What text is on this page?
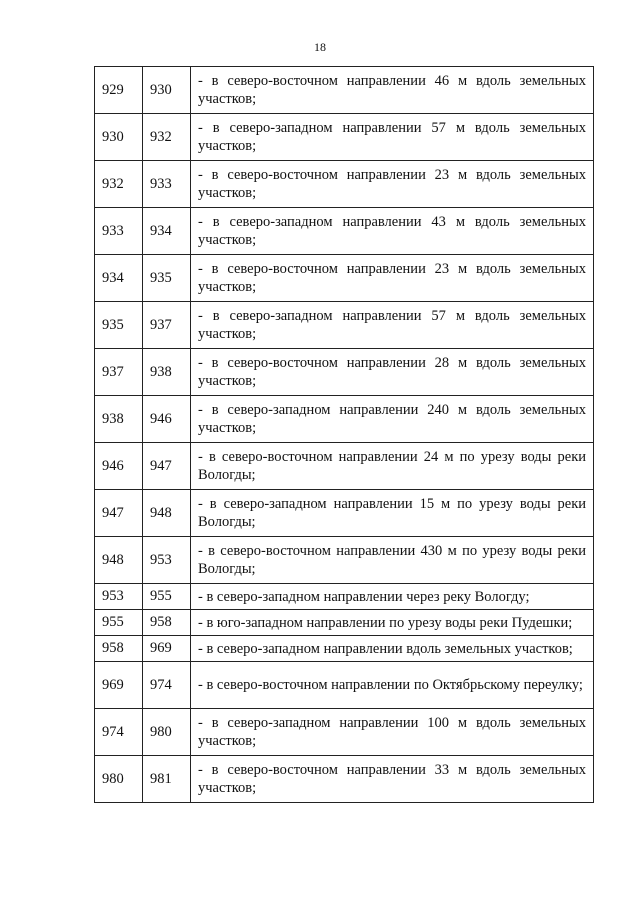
18
929	930	- в северо-восточном направлении 46 м вдоль земельных участков;

930	932	- в северо-западном направлении 57 м вдоль земельных участков;

932	933	- в северо-восточном направлении 23 м вдоль земельных участков;

933	934	- в северо-западном направлении 43 м вдоль земельных участков;

934	935	- в северо-восточном направлении 23 м вдоль земельных участков;

935	937	- в северо-западном направлении 57 м вдоль земельных участков;

937	938	- в северо-восточном направлении 28 м вдоль земельных участков;

938	946	- в северо-западном направлении 240 м вдоль земельных участков;

946	947	- в северо-восточном направлении 24 м по урезу воды реки Вологды;

947	948	- в северо-западном направлении 15 м по урезу воды реки Вологды;

948	953	- в северо-восточном направлении 430 м по урезу воды реки Вологды;

953	955	- в северо-западном направлении через реку Вологду;

955	958	- в юго-западном направлении по урезу воды реки Пудешки;

958	969	- в северо-западном направлении вдоль земельных участков;

969	974	- в северо-восточном направлении по Октябрьскому переулку;

974	980	- в северо-западном направлении 100 м вдоль земельных участков;

980	981	- в северо-восточном направлении 33 м вдоль земельных участков;
